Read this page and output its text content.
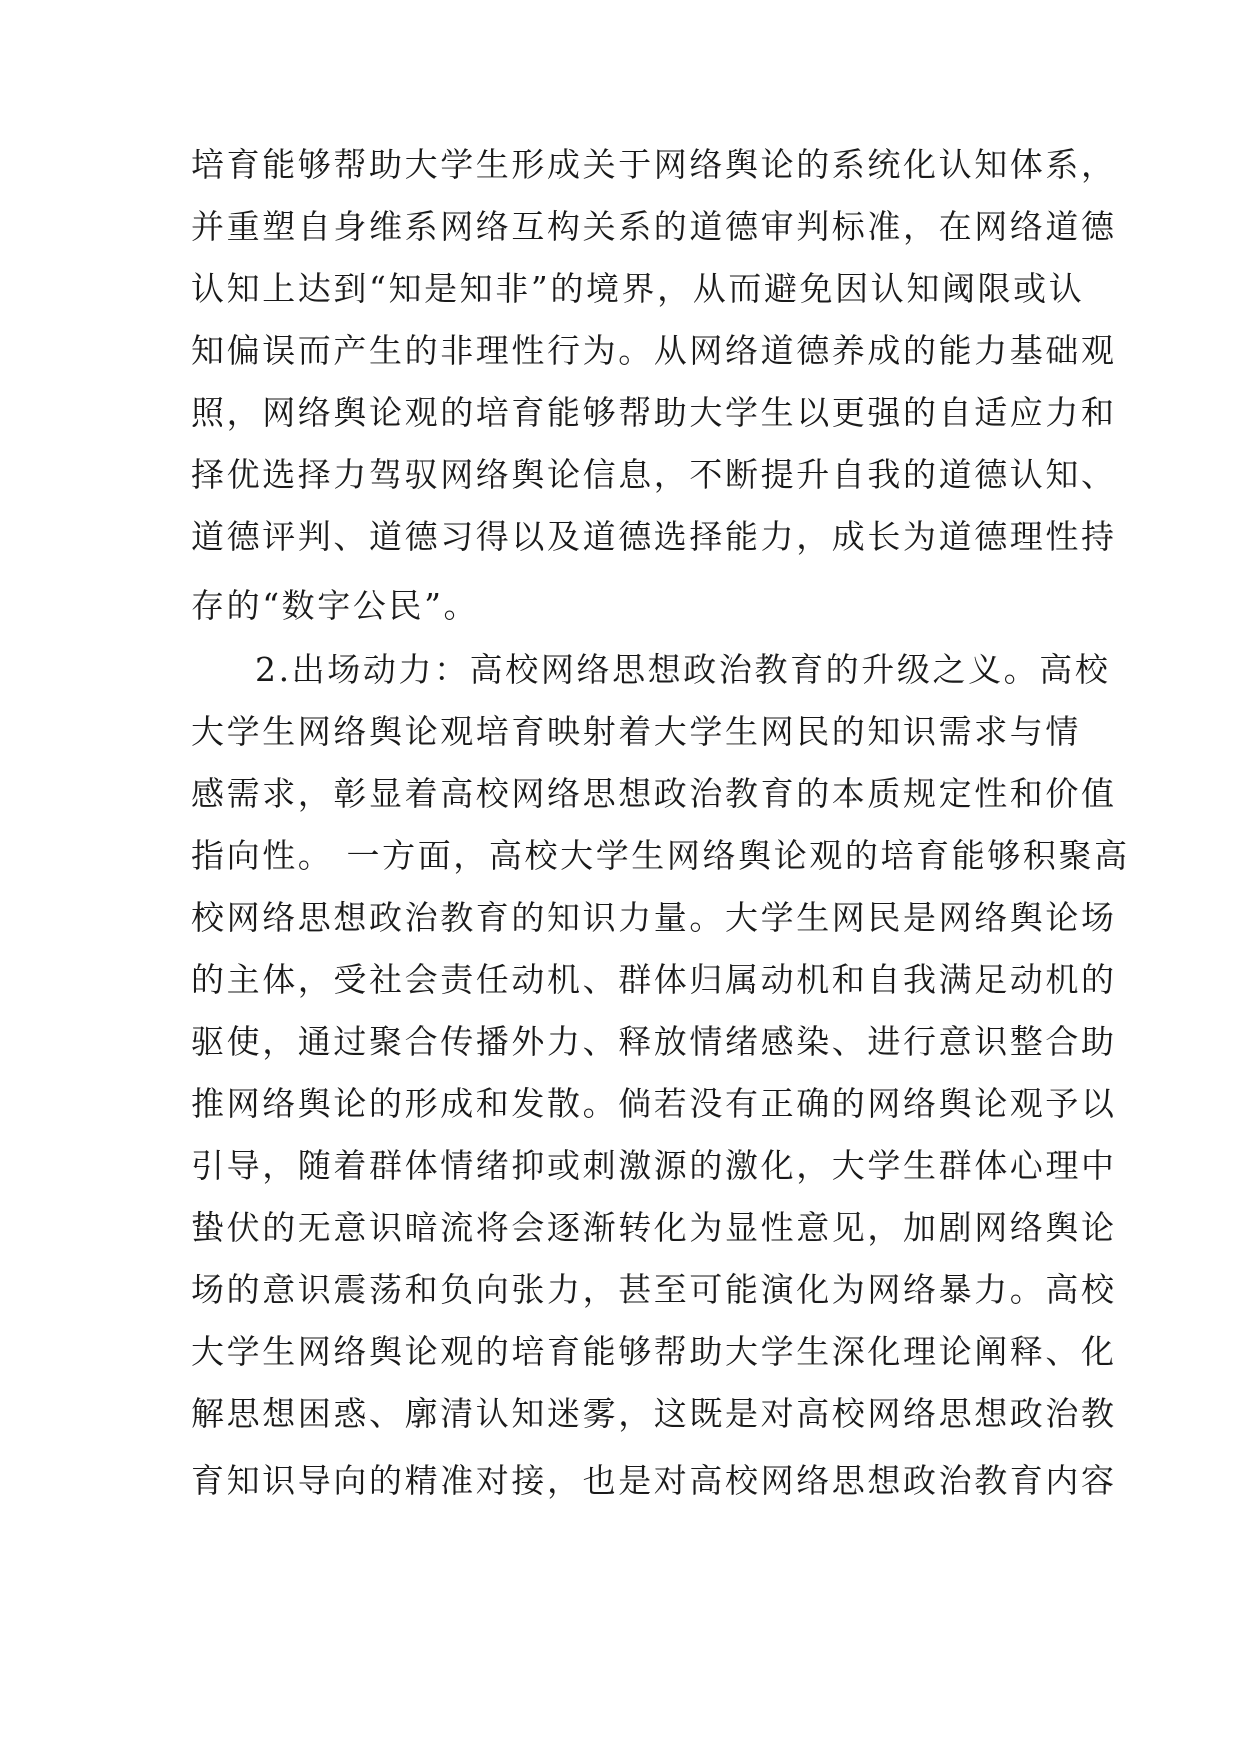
培育能够帮助大学生形成关于网络舆论的系统化认知体系，
并重塑自身维系网络互构关系的道德审判标准，在网络道德
认知上达到“知是知非”的境界，从而避免因认知阈限或认
知偏误而产生的非理性行为。从网络道德养成的能力基础观
照，网络舆论观的培育能够帮助大学生以更强的自适应力和
择优选择力驾驭网络舆论信息，不断提升自我的道德认知、
道德评判、道德习得以及道德选择能力，成长为道德理性持
存的“数字公民”。
2.出场动力：高校网络思想政治教育的升级之义。高校
大学生网络舆论观培育映射着大学生网民的知识需求与情
感需求，彰显着高校网络思想政治教育的本质规定性和价值
指向性。 一方面，高校大学生网络舆论观的培育能够积聚高
校网络思想政治教育的知识力量。大学生网民是网络舆论场
的主体，受社会责任动机、群体归属动机和自我满足动机的
驱使，通过聚合传播外力、释放情绪感染、进行意识整合助
推网络舆论的形成和发散。倘若没有正确的网络舆论观予以
引导，随着群体情绪抑或刺激源的激化，大学生群体心理中
蛰伏的无意识暗流将会逐渐转化为显性意见，加剧网络舆论
场的意识震荡和负向张力，甚至可能演化为网络暴力。高校
大学生网络舆论观的培育能够帮助大学生深化理论阐释、化
解思想困惑、廓清认知迷雾，这既是对高校网络思想政治教
育知识导向的精准对接，也是对高校网络思想政治教育内容
